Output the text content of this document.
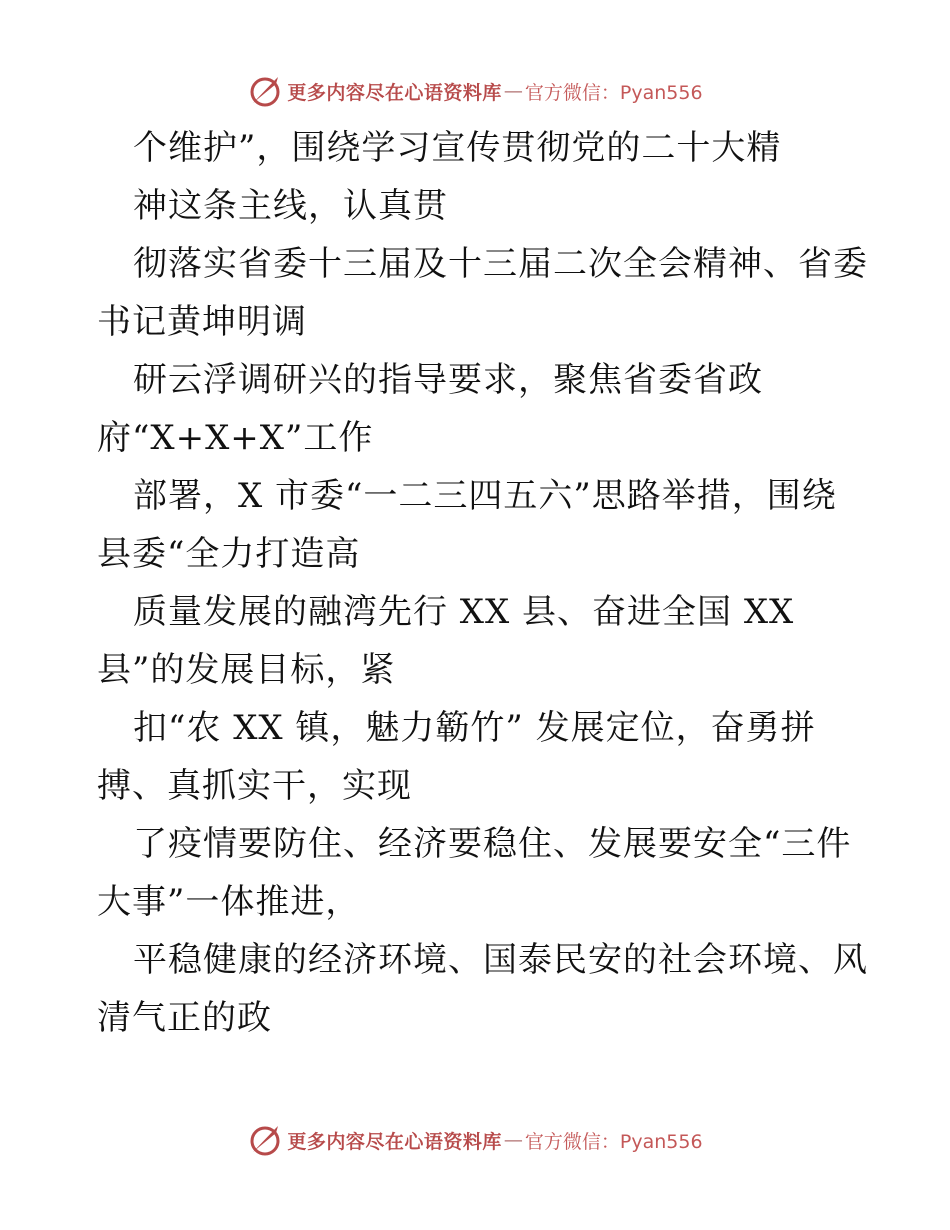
更多内容尽在心语资料库 — 官方微信：Pyan556
个维护”，围绕学习宣传贯彻党的二十大精
神这条主线，认真贯
彻落实省委十三届及十三届二次全会精神、省委
书记黄坤明调
研云浮调研兴的指导要求，聚焦省委省政
府“X+X+X”工作
部署，X 市委“一二三四五六”思路举措，围绕
县委“全力打造高
质量发展的融湾先行 XX 县、奋进全国 XX
县”的发展目标，紧
扣“农 XX 镇，魅力簕竹” 发展定位，奋勇拼
搏、真抓实干，实现
了疫情要防住、经济要稳住、发展要安全“三件
大事”一体推进，
平稳健康的经济环境、国泰民安的社会环境、风
清气正的政
更多内容尽在心语资料库 — 官方微信：Pyan556
